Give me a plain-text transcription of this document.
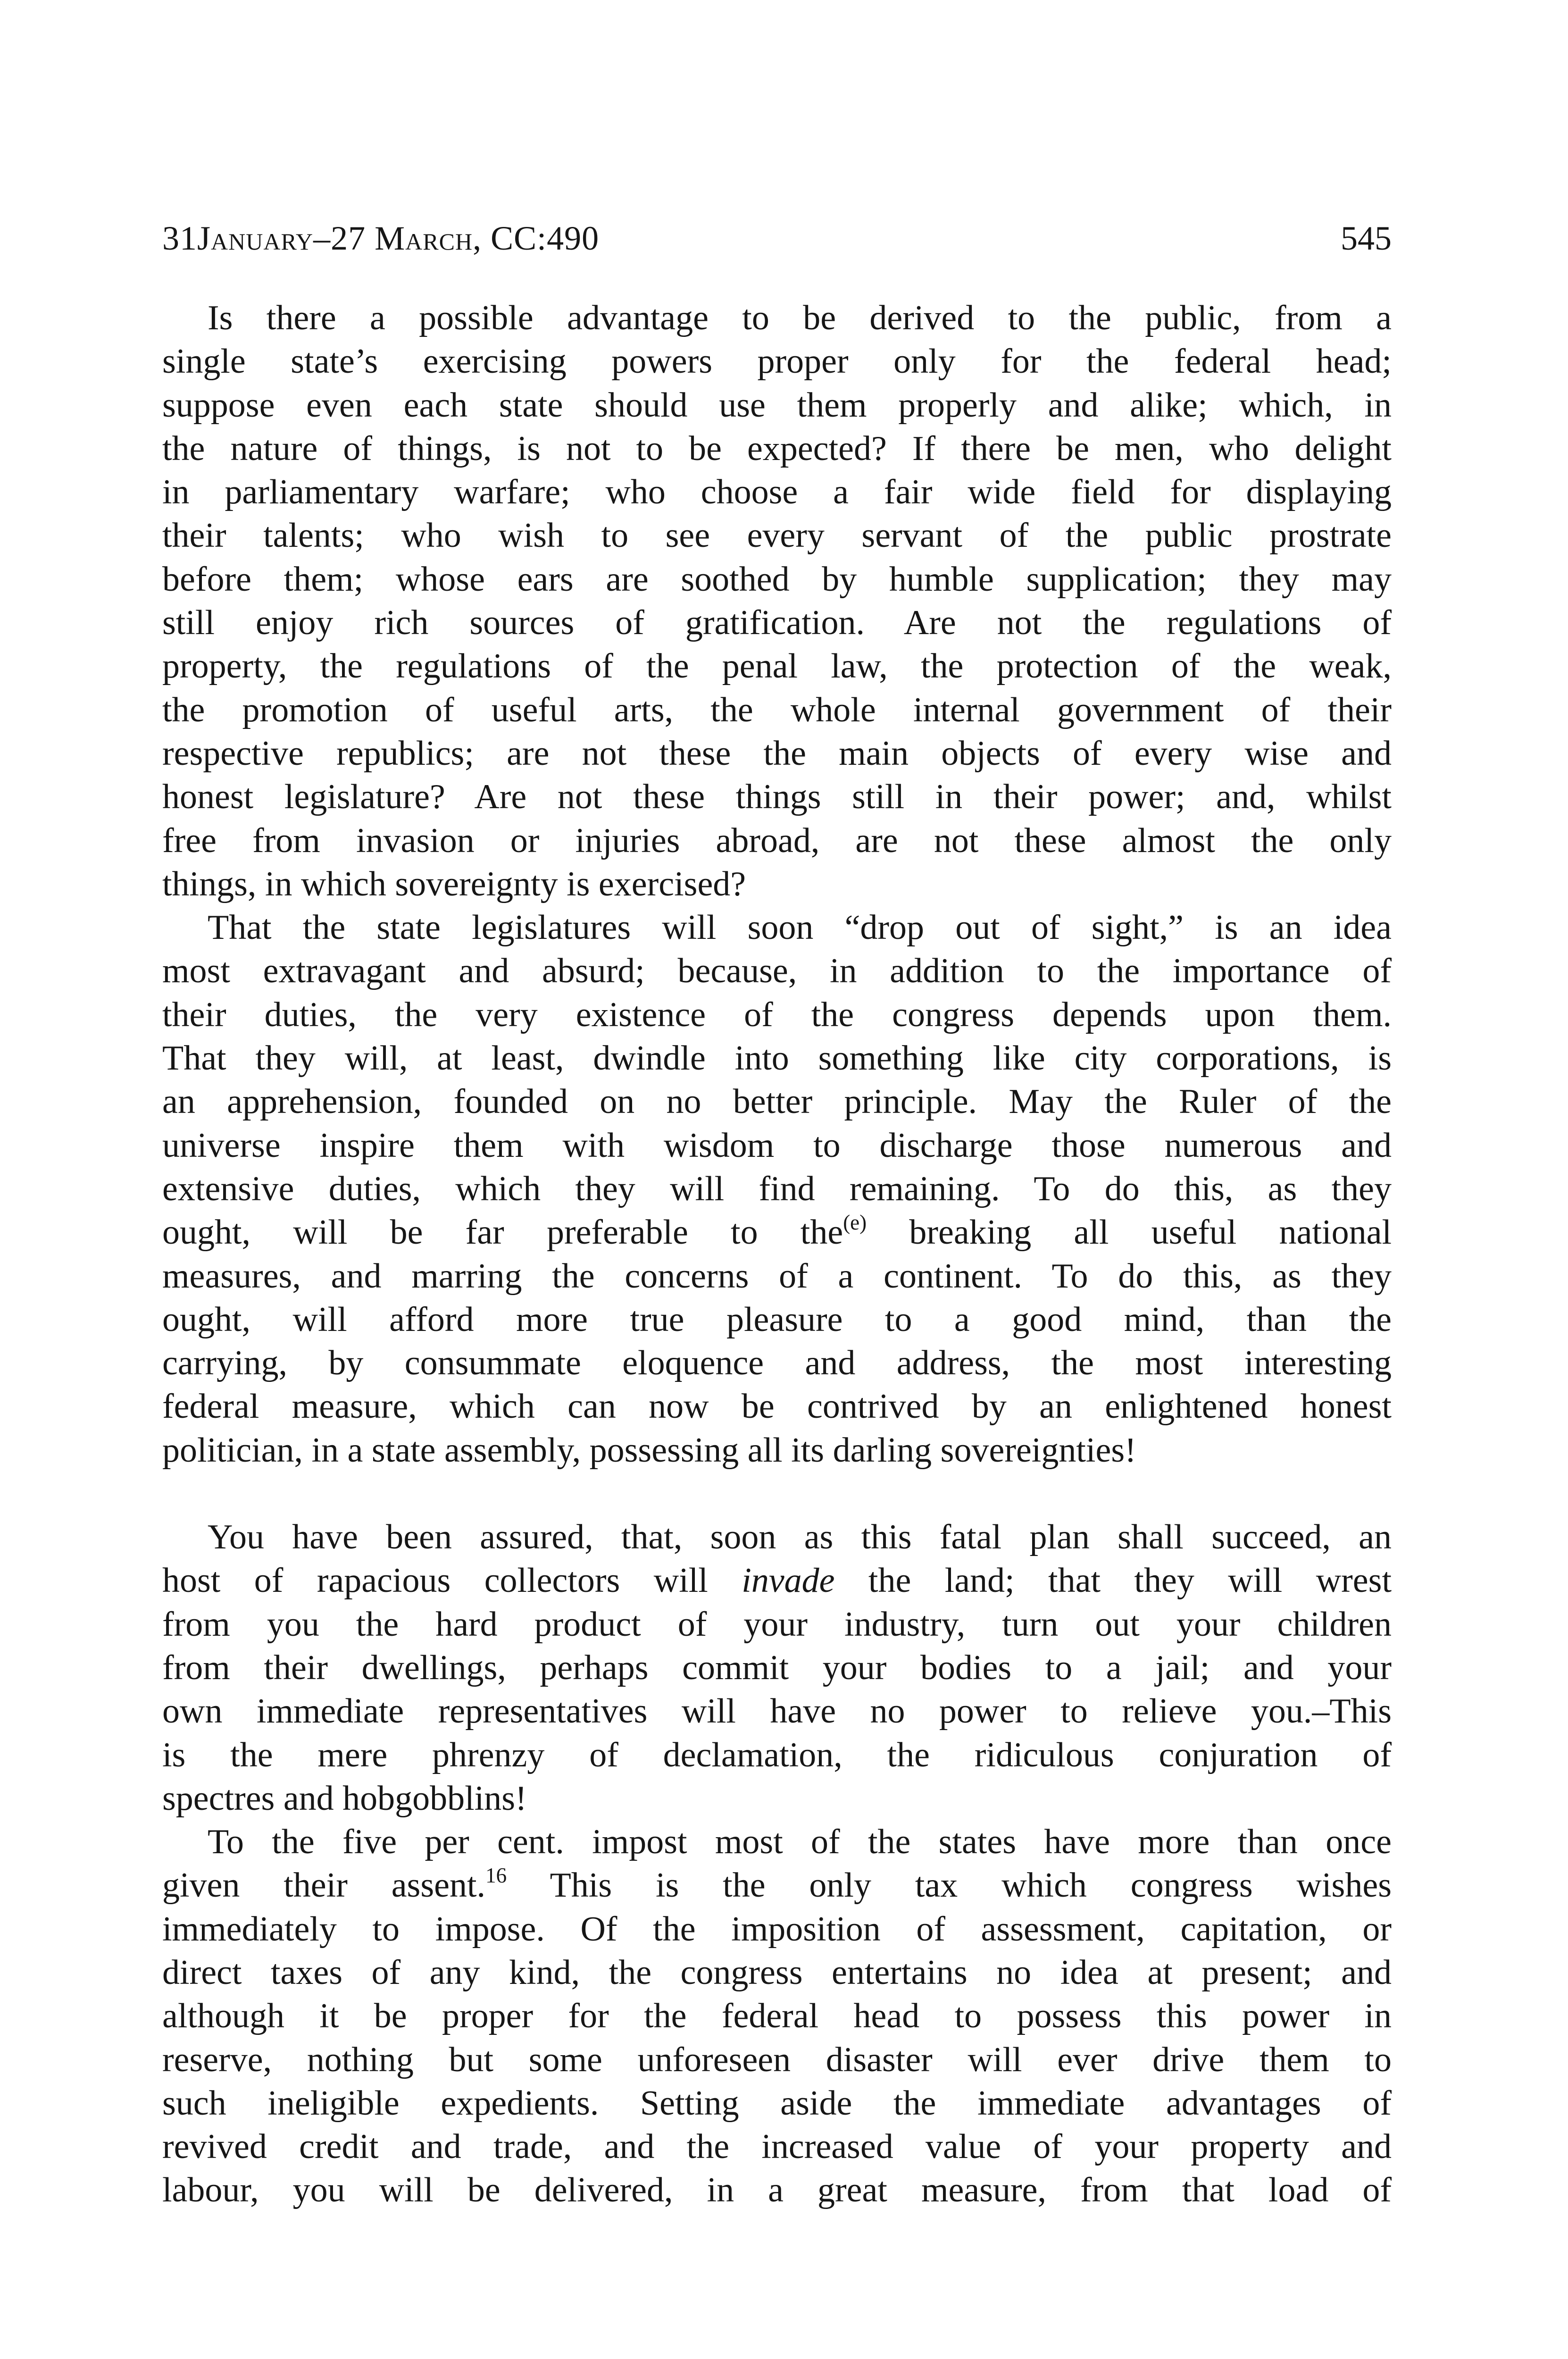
31January–27 March, CC:490	545
Is there a possible advantage to be derived to the public, from a
single state’s exercising powers proper only for the federal head;
suppose even each state should use them properly and alike; which, in
the nature of things, is not to be expected? If there be men, who delight
in parliamentary warfare; who choose a fair wide field for displaying
their talents; who wish to see every servant of the public prostrate
before them; whose ears are soothed by humble supplication; they may
still enjoy rich sources of gratification. Are not the regulations of
property, the regulations of the penal law, the protection of the weak,
the promotion of useful arts, the whole internal government of their
respective republics; are not these the main objects of every wise and
honest legislature? Are not these things still in their power; and, whilst
free from invasion or injuries abroad, are not these almost the only
things, in which sovereignty is exercised?
That the state legislatures will soon “drop out of sight,” is an idea
most extravagant and absurd; because, in addition to the importance of
their duties, the very existence of the congress depends upon them.
That they will, at least, dwindle into something like city corporations, is
an apprehension, founded on no better principle. May the Ruler of the
universe inspire them with wisdom to discharge those numerous and
extensive duties, which they will find remaining. To do this, as they
ought, will be far preferable to the$^{(e)}$ breaking all useful national
measures, and marring the concerns of a continent. To do this, as they
ought, will afford more true pleasure to a good mind, than the
carrying, by consummate eloquence and address, the most interesting
federal measure, which can now be contrived by an enlightened honest
politician, in a state assembly, possessing all its darling sovereignties!
You have been assured, that, soon as this fatal plan shall succeed, an
host of rapacious collectors will invade the land; that they will wrest
from you the hard product of your industry, turn out your children
from their dwellings, perhaps commit your bodies to a jail; and your
own immediate representatives will have no power to relieve you.–This
is the mere phrenzy of declamation, the ridiculous conjuration of
spectres and hobgobblins!
To the five per cent. impost most of the states have more than once
given their assent.$^{16}$ This is the only tax which congress wishes
immediately to impose. Of the imposition of assessment, capitation, or
direct taxes of any kind, the congress entertains no idea at present; and
although it be proper for the federal head to possess this power in
reserve, nothing but some unforeseen disaster will ever drive them to
such ineligible expedients. Setting aside the immediate advantages of
revived credit and trade, and the increased value of your property and
labour, you will be delivered, in a great measure, from that load of
